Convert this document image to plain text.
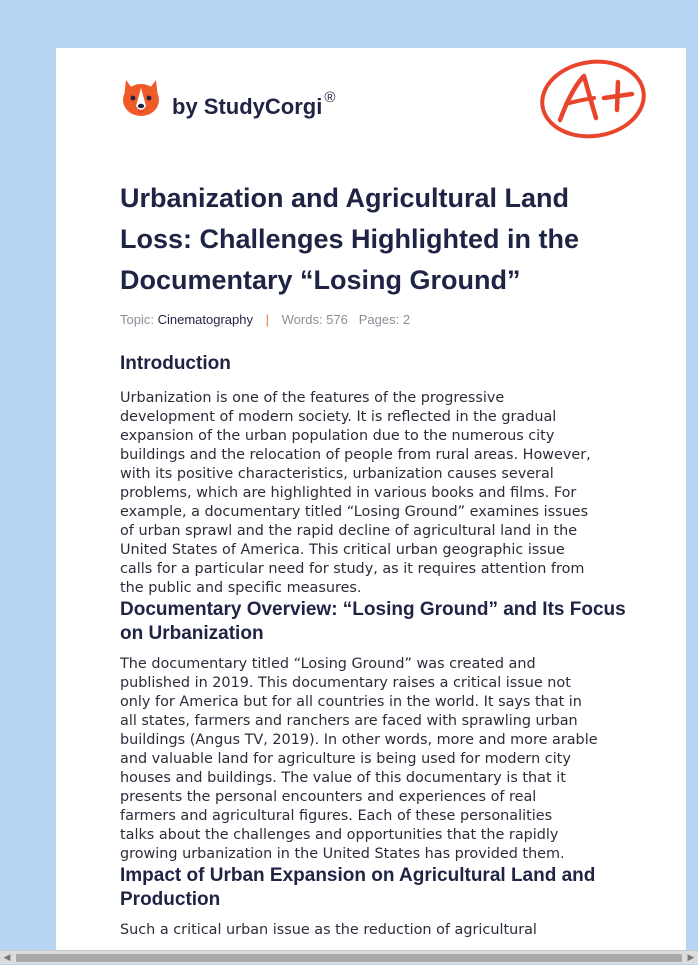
by StudyCorgi ®
Urbanization and Agricultural Land Loss: Challenges Highlighted in the Documentary “Losing Ground”
Topic: Cinematography | Words: 576 Pages: 2
Introduction
Urbanization is one of the features of the progressive
development of modern society. It is reflected in the gradual
expansion of the urban population due to the numerous city
buildings and the relocation of people from rural areas. However,
with its positive characteristics, urbanization causes several
problems, which are highlighted in various books and films. For
example, a documentary titled “Losing Ground” examines issues
of urban sprawl and the rapid decline of agricultural land in the
United States of America. This critical urban geographic issue
calls for a particular need for study, as it requires attention from
the public and specific measures.
Documentary Overview: “Losing Ground” and Its Focus on Urbanization
The documentary titled “Losing Ground” was created and
published in 2019. This documentary raises a critical issue not
only for America but for all countries in the world. It says that in
all states, farmers and ranchers are faced with sprawling urban
buildings (Angus TV, 2019). In other words, more and more arable
and valuable land for agriculture is being used for modern city
houses and buildings. The value of this documentary is that it
presents the personal encounters and experiences of real
farmers and agricultural figures. Each of these personalities
talks about the challenges and opportunities that the rapidly
growing urbanization in the United States has provided them.
Impact of Urban Expansion on Agricultural Land and Production
Such a critical urban issue as the reduction of agricultural
◀	▶
